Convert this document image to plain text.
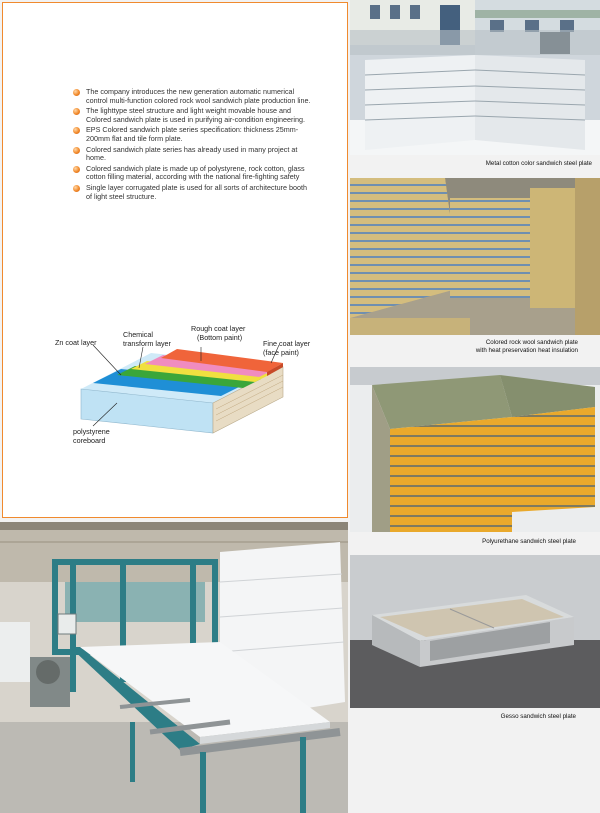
The company introduces the new generation automatic numerical control multi-function colored rock wool sandwich plate production line.
The lighttype steel structure and light weight movable house and Colored sandwich plate is used in purifying air-condition engineering.
EPS Colored sandwich plate series specification: thickness 25mm-200mm flat and tile form plate.
Colored sandwich plate series has already used in many project at home.
Colored sandwich plate is made up of polystyrene, rock cotton, glass cotton filling material, according with the national fire-fighting safety
Single layer corrugated plate is used for all sorts of architecture booth of light steel structure.
Chemical transform layer
Rough coat layer
(Bottom paint)
Zn coat layer	Fine coat layer
(face paint)
polystyrene
coreboard
Metal cotton color sandwich steel plate
Colored rock wool sandwich plate
with heat preservation heat insulation
Polyurethane sandwich steel plate
Gesso sandwich steel plate
